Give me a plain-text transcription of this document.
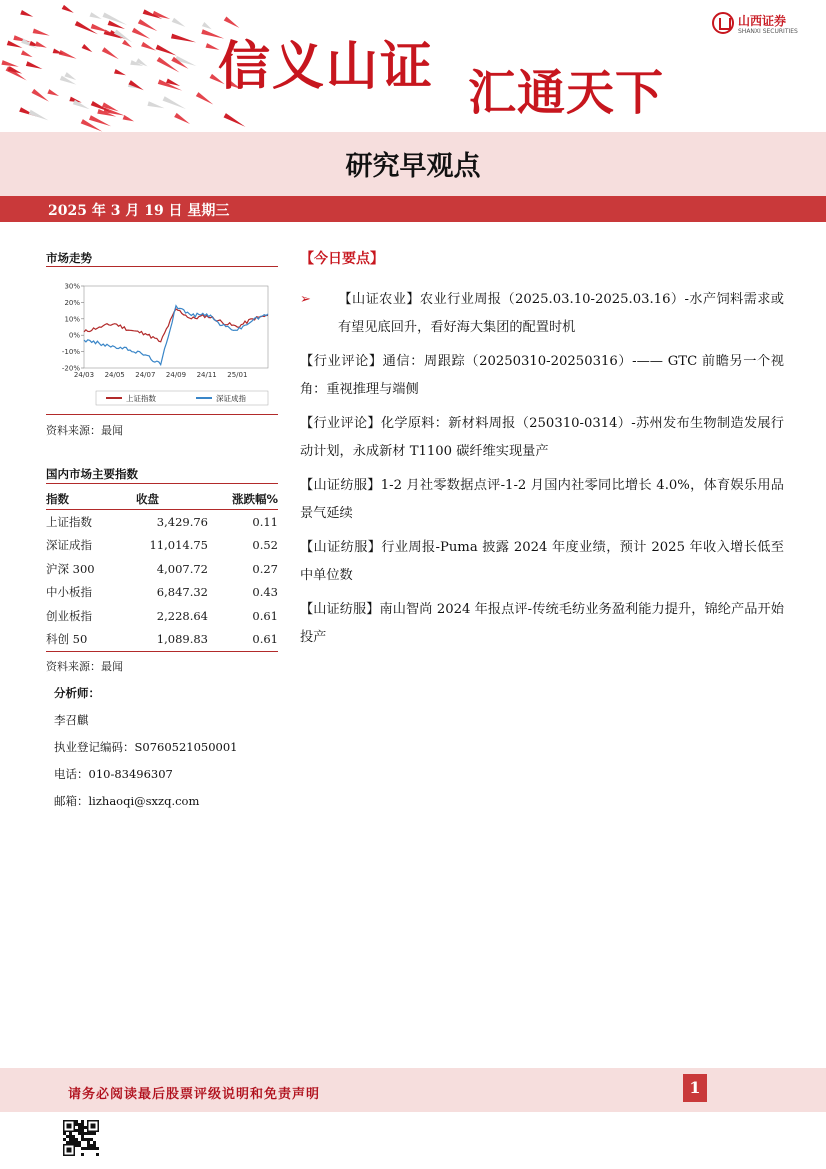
信义山证 汇通天下
山西证券
SHANXI SECURITIES
研究早观点
2025 年 3 月 19 日 星期三
市场走势
30%
20%
10%
0%
-10%
-20%
24/03 24/05 24/07 24/09 24/11 25/01
上证指数	深证成指
资料来源：最闻
国内市场主要指数
指数	收盘	涨跌幅%
上证指数	3,429.76	0.11
深证成指	11,014.75	0.52
沪深 300	4,007.72	0.27
中小板指	6,847.32	0.43
创业板指	2,228.64	0.61
科创 50	1,089.83	0.61
资料来源：最闻
分析师：
李召麒
执业登记编码：S0760521050001
电话：010-83496307
邮箱：lizhaoqi@sxzq.com
【今日要点】
➢ 【山证农业】农业行业周报（2025.03.10-2025.03.16）-水产饲料需求或有望见底回升，看好海大集团的配置时机
【行业评论】通信：周跟踪（20250310-20250316）-—— GTC 前瞻另一个视角：重视推理与端侧
【行业评论】化学原料：新材料周报（250310-0314）-苏州发布生物制造发展行动计划，永成新材 T1100 碳纤维实现量产
【山证纺服】1-2 月社零数据点评-1-2 月国内社零同比增长 4.0%，体育娱乐用品景气延续
【山证纺服】行业周报-Puma 披露 2024 年度业绩，预计 2025 年收入增长低至中单位数
【山证纺服】南山智尚 2024 年报点评-传统毛纺业务盈利能力提升，锦纶产品开始投产
请务必阅读最后股票评级说明和免责声明	1
